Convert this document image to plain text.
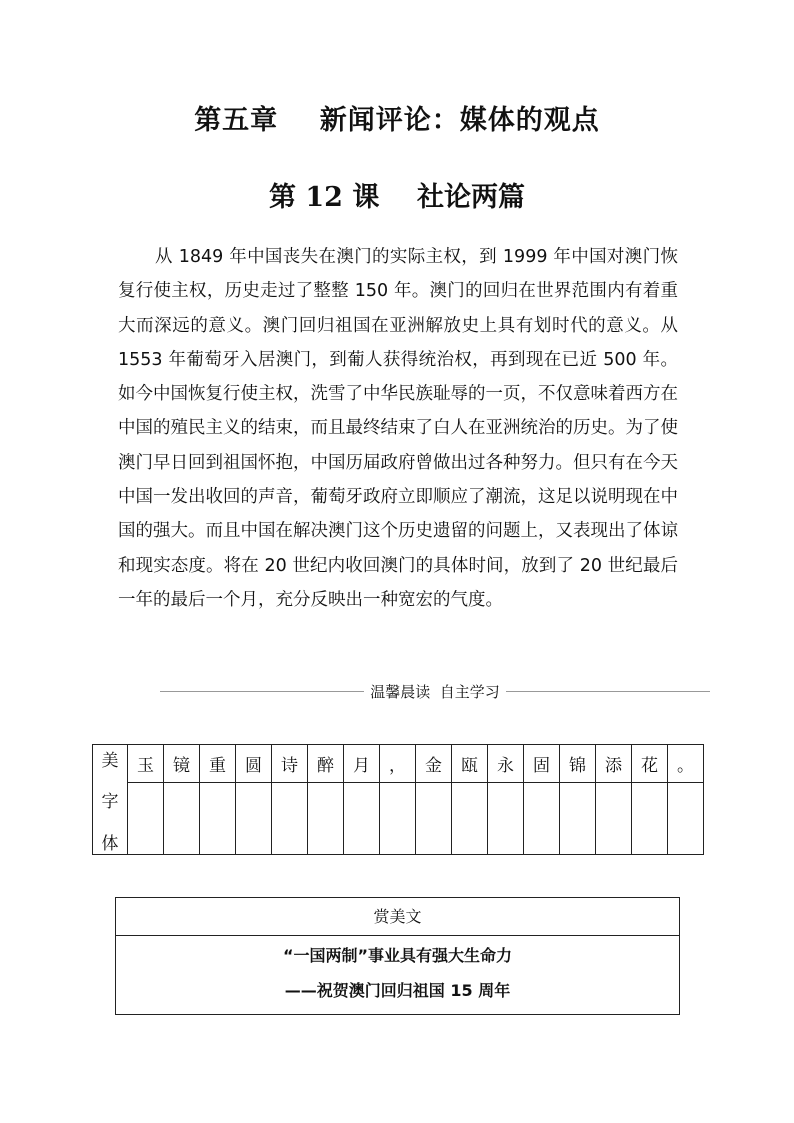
第五章    新闻评论：媒体的观点
第 12 课    社论两篇

从 1849 年中国丧失在澳门的实际主权，到 1999 年中国对澳门恢复行使主权，历史走过了整整 150 年。澳门的回归在世界范围内有着重大而深远的意义。澳门回归祖国在亚洲解放史上具有划时代的意义。从 1553 年葡萄牙入居澳门，到葡人获得统治权，再到现在已近 500 年。如今中国恢复行使主权，洗雪了中华民族耻辱的一页，不仅意味着西方在中国的殖民主义的结束，而且最终结束了白人在亚洲统治的历史。为了使澳门早日回到祖国怀抱，中国历届政府曾做出过各种努力。但只有在今天中国一发出收回的声音，葡萄牙政府立即顺应了潮流，这足以说明现在中国的强大。而且中国在解决澳门这个历史遗留的问题上，又表现出了体谅和现实态度。将在 20 世纪内收回澳门的具体时间，放到了 20 世纪最后一年的最后一个月，充分反映出一种宽宏的气度。

温馨晨读  自主学习
美
字
体	玉	镜	重	圆	诗	醉	月	，	金	瓯	永	固	锦	添	花	。

赏美文
“一国两制”事业具有强大生命力
——祝贺澳门回归祖国 15 周年
